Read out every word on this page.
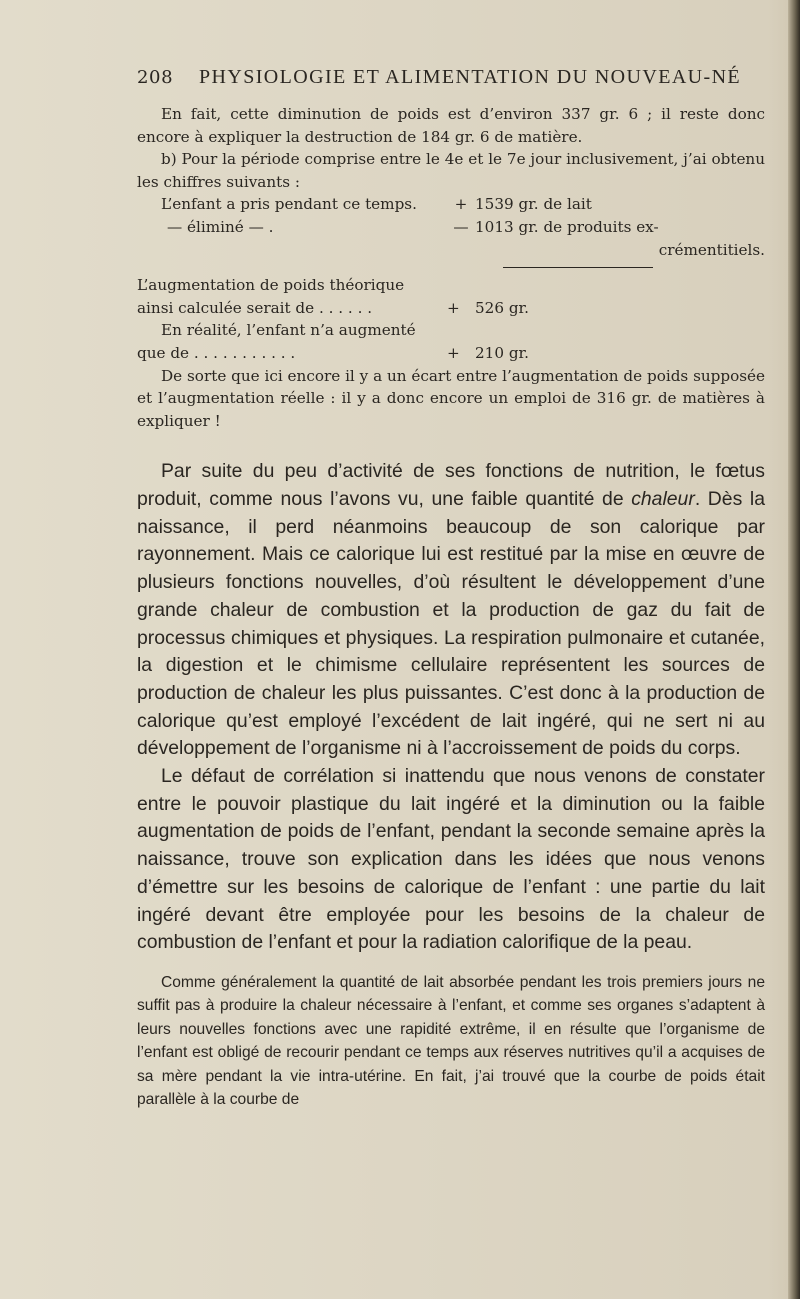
208	PHYSIOLOGIE ET ALIMENTATION DU NOUVEAU-NÉ

En fait, cette diminution de poids est d’environ 337 gr. 6 ; il reste donc encore à expliquer la destruction de 184 gr. 6 de matière.

b) Pour la période comprise entre le 4e et le 7e jour inclusivement, j’ai obtenu les chiffres suivants :

L’enfant a pris pendant ce temps.	+ 1539 gr. de lait
— éliminé — .	— 1013 gr. de produits ex-
crémentitiels.
L’augmentation de poids théorique
ainsi calculée serait de . . . . . .	+	526 gr.
En réalité, l’enfant n’a augmenté
que de . . . . . . . . . . .	+	210 gr.

De sorte que ici encore il y a un écart entre l’augmentation de poids supposée et l’augmentation réelle : il y a donc encore un emploi de 316 gr. de matières à expliquer !

Par suite du peu d’activité de ses fonctions de nutrition, le fœtus produit, comme nous l’avons vu, une faible quantité de chaleur. Dès la naissance, il perd néanmoins beaucoup de son calorique par rayonnement. Mais ce calorique lui est restitué par la mise en œuvre de plusieurs fonctions nouvelles, d’où résultent le développement d’une grande chaleur de combustion et la production de gaz du fait de processus chimiques et physiques. La respiration pulmonaire et cutanée, la digestion et le chimisme cellulaire représentent les sources de production de chaleur les plus puissantes. C’est donc à la production de calorique qu’est employé l’excédent de lait ingéré, qui ne sert ni au développement de l’organisme ni à l’accroissement de poids du corps.

Le défaut de corrélation si inattendu que nous venons de constater entre le pouvoir plastique du lait ingéré et la diminution ou la faible augmentation de poids de l’enfant, pendant la seconde semaine après la naissance, trouve son explication dans les idées que nous venons d’émettre sur les besoins de calorique de l’enfant : une partie du lait ingéré devant être employée pour les besoins de la chaleur de combustion de l’enfant et pour la radiation calorifique de la peau.

Comme généralement la quantité de lait absorbée pendant les trois premiers jours ne suffit pas à produire la chaleur nécessaire à l’enfant, et comme ses organes s’adaptent à leurs nouvelles fonctions avec une rapidité extrême, il en résulte que l’organisme de l’enfant est obligé de recourir pendant ce temps aux réserves nutritives qu’il a acquises de sa mère pendant la vie intra-utérine. En fait, j’ai trouvé que la courbe de poids était parallèle à la courbe de
